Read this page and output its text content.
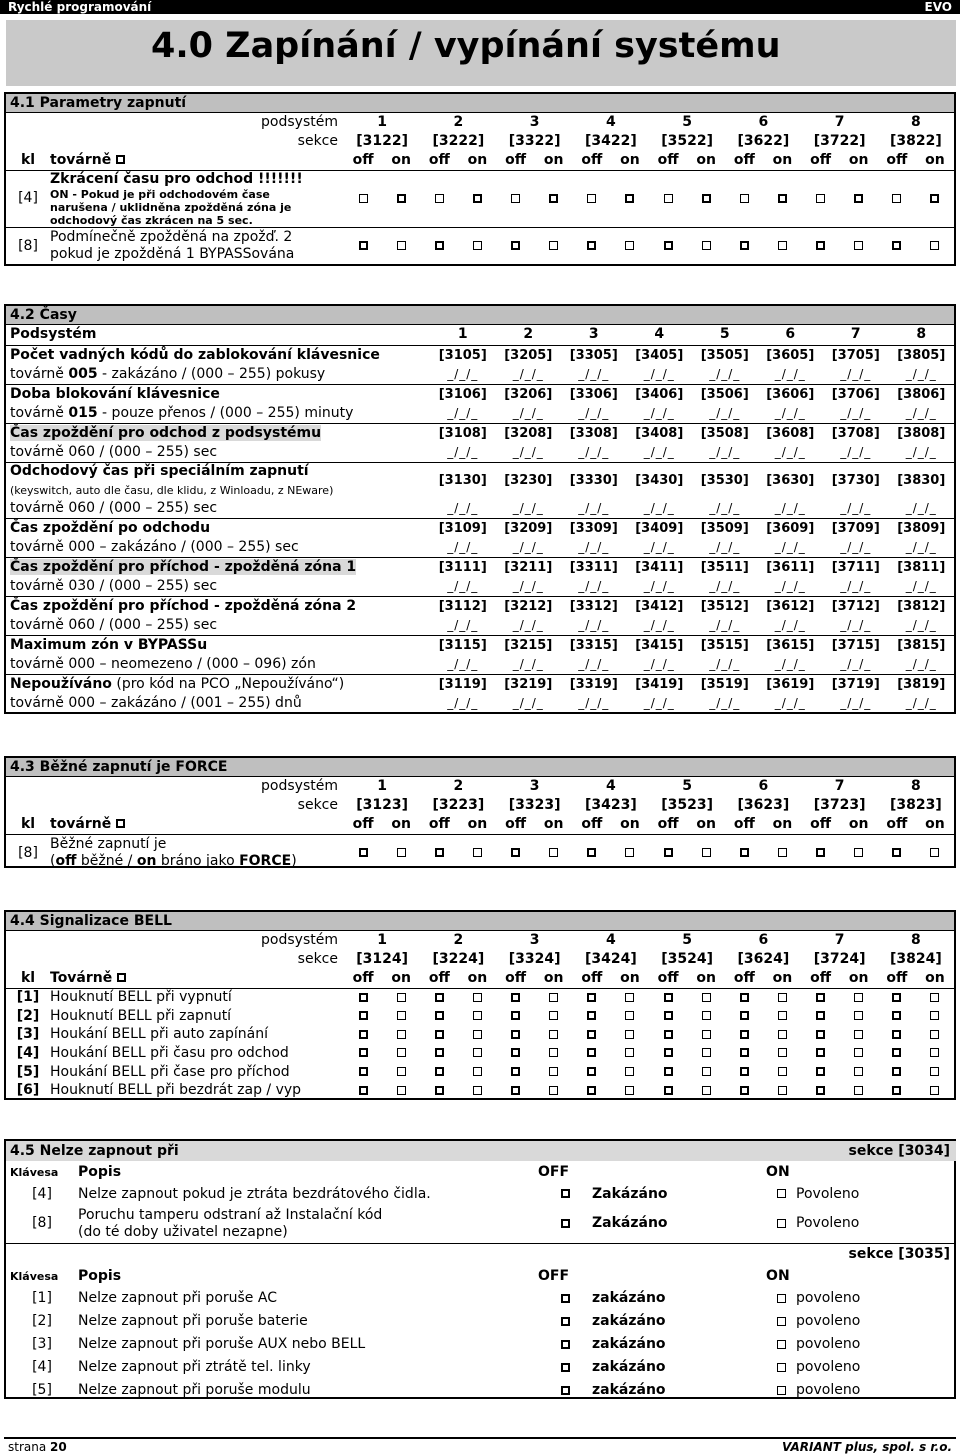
Rychlé programování	EVO
4.0 Zapínání / vypínání systému
4.1 Parametry zapnutí
	podsystém	1		2		3		4		5		6		7		8	
	sekce	[3122]		[3222]		[3322]		[3422]		[3522]		[3622]		[3722]		[3822]	
kl	továrně	off	on	off	on	off	on	off	on	off	on	off	on	off	on	off	on
[4]	Zkrácení času pro odchod !!!!!!!
ON - Pokud je při odchodovém čase
narušena / uklidněna zpožděná zóna je
odchodový čas zkrácen na 5 sec.																

[8]	Podmínečně zpožděná na zpožď. 2
pokud je zpožděná 1 BYPASSována																

4.2 Časy
Podsystém	1	2	3	4	5	6	7	8
Počet vadných kódů do zablokování klávesnice	[3105]	[3205]	[3305]	[3405]	[3505]	[3605]	[3705]	[3805]
továrně 005 - zakázáno / (000 – 255) pokusy	_/_/_	_/_/_	_/_/_	_/_/_	_/_/_	_/_/_	_/_/_	_/_/_
Doba blokování klávesnice	[3106]	[3206]	[3306]	[3406]	[3506]	[3606]	[3706]	[3806]
továrně 015 - pouze přenos / (000 – 255) minuty	_/_/_	_/_/_	_/_/_	_/_/_	_/_/_	_/_/_	_/_/_	_/_/_
Čas zpoždění pro odchod z podsystému	[3108]	[3208]	[3308]	[3408]	[3508]	[3608]	[3708]	[3808]
továrně 060 / (000 – 255) sec	_/_/_	_/_/_	_/_/_	_/_/_	_/_/_	_/_/_	_/_/_	_/_/_
Odchodový čas při speciálním zapnutí	[3130]	[3230]	[3330]	[3430]	[3530]	[3630]	[3730]	[3830]
(keyswitch, auto dle času, dle klidu, z Winloadu, z NEware)								
továrně 060 / (000 – 255) sec	_/_/_	_/_/_	_/_/_	_/_/_	_/_/_	_/_/_	_/_/_	_/_/_
Čas zpoždění po odchodu	[3109]	[3209]	[3309]	[3409]	[3509]	[3609]	[3709]	[3809]
továrně 000 – zakázáno / (000 – 255) sec	_/_/_	_/_/_	_/_/_	_/_/_	_/_/_	_/_/_	_/_/_	_/_/_
Čas zpoždění pro příchod - zpožděná zóna 1	[3111]	[3211]	[3311]	[3411]	[3511]	[3611]	[3711]	[3811]
továrně 030 / (000 – 255) sec	_/_/_	_/_/_	_/_/_	_/_/_	_/_/_	_/_/_	_/_/_	_/_/_
Čas zpoždění pro příchod - zpožděná zóna 2	[3112]	[3212]	[3312]	[3412]	[3512]	[3612]	[3712]	[3812]
továrně 060 / (000 – 255) sec	_/_/_	_/_/_	_/_/_	_/_/_	_/_/_	_/_/_	_/_/_	_/_/_
Maximum zón v BYPASSu	[3115]	[3215]	[3315]	[3415]	[3515]	[3615]	[3715]	[3815]
továrně 000 – neomezeno / (000 – 096) zón	_/_/_	_/_/_	_/_/_	_/_/_	_/_/_	_/_/_	_/_/_	_/_/_
Nepoužíváno (pro kód na PCO „Nepoužíváno“)	[3119]	[3219]	[3319]	[3419]	[3519]	[3619]	[3719]	[3819]
továrně 000 – zakázáno / (001 – 255) dnů	_/_/_	_/_/_	_/_/_	_/_/_	_/_/_	_/_/_	_/_/_	_/_/_
4.3 Běžné zapnutí je FORCE
	podsystém	1		2		3		4		5		6		7		8	
	sekce	[3123]		[3223]		[3323]		[3423]		[3523]		[3623]		[3723]		[3823]	
kl	továrně	off	on	off	on	off	on	off	on	off	on	off	on	off	on	off	on
[8]	Běžné zapnutí je
(off běžné / on bráno jako FORCE)																

4.4 Signalizace BELL
	podsystém	1		2		3		4		5		6		7		8	
	sekce	[3124]		[3224]		[3324]		[3424]		[3524]		[3624]		[3724]		[3824]	
kl	Továrně	off	on	off	on	off	on	off	on	off	on	off	on	off	on	off	on
[1]	Houknutí BELL při vypnutí																
[2]	Houknutí BELL při zapnutí																
[3]	Houkání BELL při auto zapínání																
[4]	Houkání BELL při času pro odchod																
[5]	Houkání BELL při čase pro příchod																
[6]	Houknutí BELL při bezdrát zap / vyp																
4.5 Nelze zapnout při				sekce [3034]	
Klávesa	Popis	OFF		ON	
[4]	Nelze zapnout pokud je ztráta bezdrátového čidla.		Zakázáno		Povoleno
[8]	Poruchu tamperu odstraní až Instalační kód
(do té doby uživatel nezapne)		Zakázáno		Povoleno
				sekce [3035]	
Klávesa	Popis	OFF		ON	
[1]	Nelze zapnout při poruše AC		zakázáno		povoleno
[2]	Nelze zapnout při poruše baterie		zakázáno		povoleno
[3]	Nelze zapnout při poruše AUX nebo BELL		zakázáno		povoleno
[4]	Nelze zapnout při ztrátě tel. linky		zakázáno		povoleno
[5]	Nelze zapnout při poruše modulu		zakázáno		povoleno
strana 20	VARIANT plus, spol. s r.o.
